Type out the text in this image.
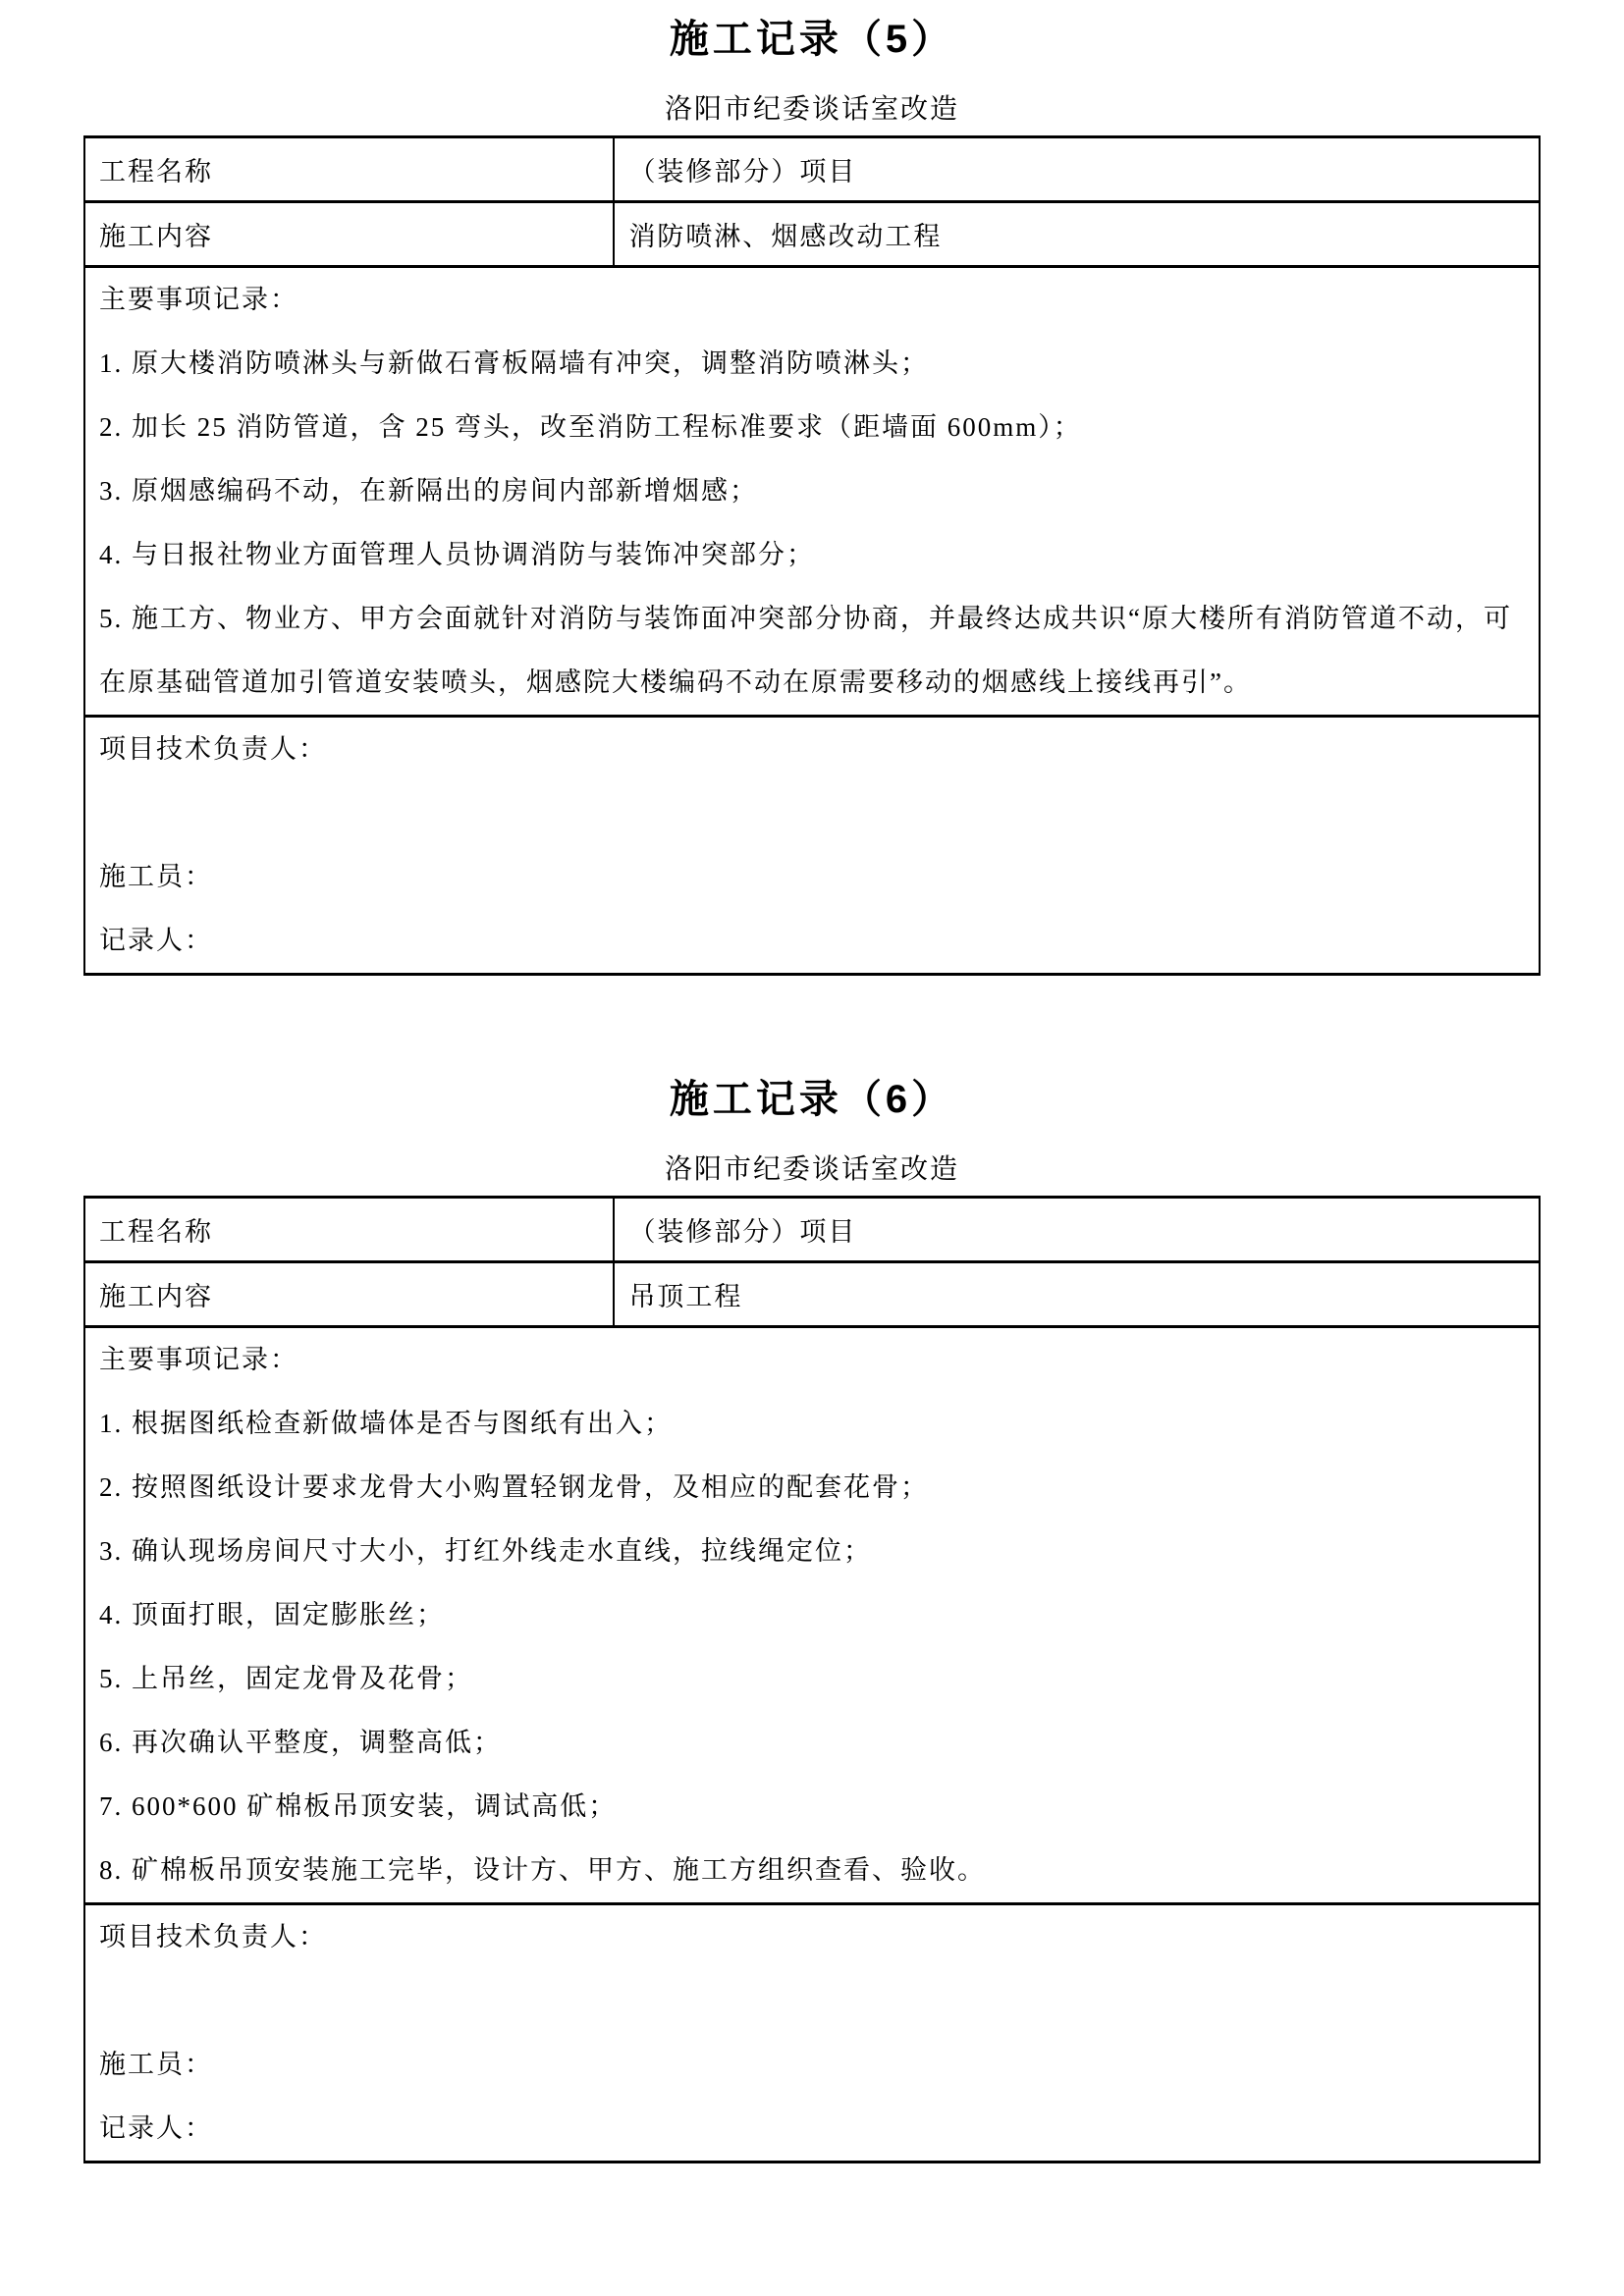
施工记录（5）
洛阳市纪委谈话室改造
工程名称	（装修部分）项目
施工内容	消防喷淋、烟感改动工程

主要事项记录：

1. 原大楼消防喷淋头与新做石膏板隔墙有冲突，调整消防喷淋头；

2. 加长 25 消防管道，含 25 弯头，改至消防工程标准要求（距墙面 600mm）；

3. 原烟感编码不动，在新隔出的房间内部新增烟感；

4. 与日报社物业方面管理人员协调消防与装饰冲突部分；

5. 施工方、物业方、甲方会面就针对消防与装饰面冲突部分协商，并最终达成共识“原大楼所有消防管道不动，可在原基础管道加引管道安装喷头，烟感院大楼编码不动在原需要移动的烟感线上接线再引”。

项目技术负责人：

施工员：

记录人：	

施工记录（6）
洛阳市纪委谈话室改造
工程名称	（装修部分）项目
施工内容	吊顶工程

主要事项记录：

1. 根据图纸检查新做墙体是否与图纸有出入；

2. 按照图纸设计要求龙骨大小购置轻钢龙骨，及相应的配套花骨；

3. 确认现场房间尺寸大小，打红外线走水直线，拉线绳定位；

4. 顶面打眼，固定膨胀丝；

5. 上吊丝，固定龙骨及花骨；

6. 再次确认平整度，调整高低；

7. 600*600 矿棉板吊顶安装，调试高低；

8. 矿棉板吊顶安装施工完毕，设计方、甲方、施工方组织查看、验收。

项目技术负责人：

施工员：

记录人：	
